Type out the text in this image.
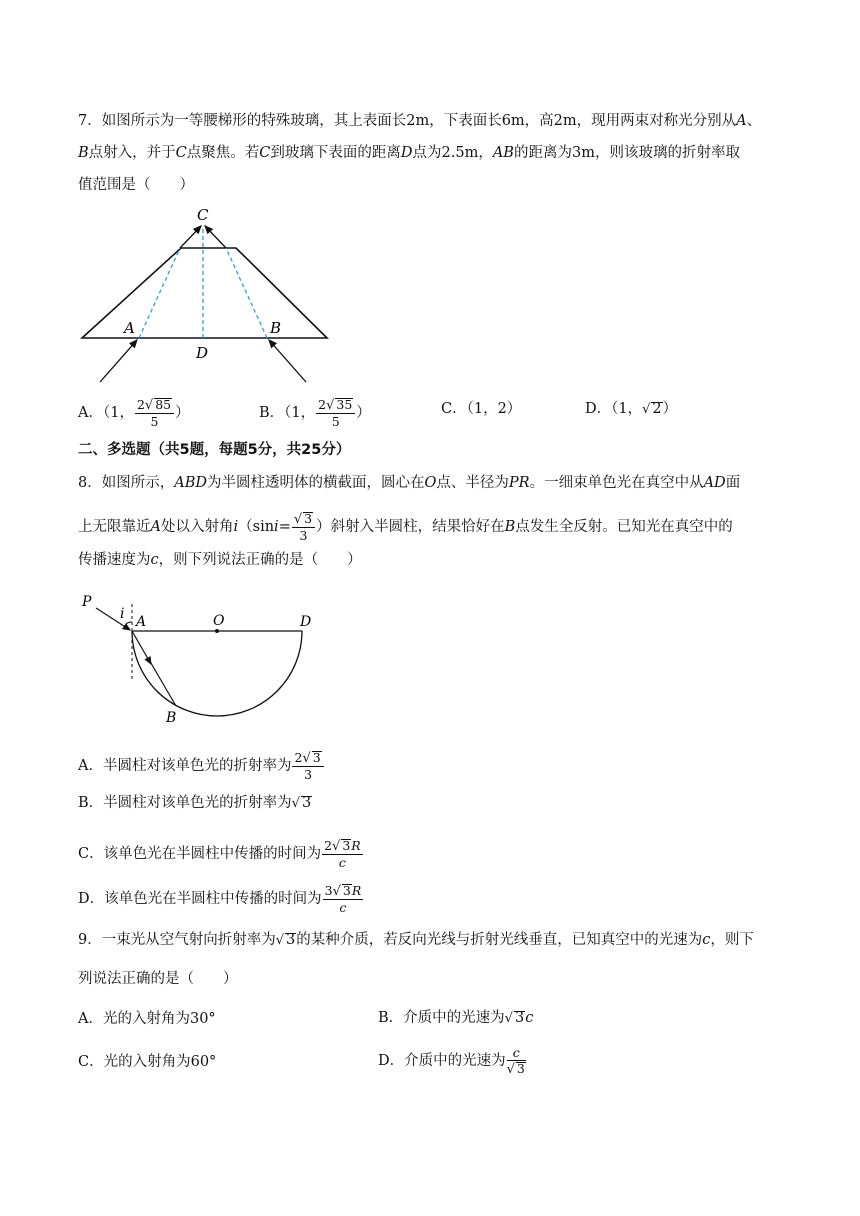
7．如图所示为一等腰梯形的特殊玻璃，其上表面长2m，下表面长6m，高2m，现用两束对称光分别从A、
B点射入，并于C点聚焦。若C到玻璃下表面的距离D点为2.5m，AB的距离为3m，则该玻璃的折射率取
值范围是（　　）
C
A	B
D
A．（1， $\frac{2√ 85}{5}$ ）	B．（1， $\frac{2√ 35}{5}$ ）	C．（1，2）	D．（1，√ 2）
二、多选题（共5题，每题5分，共25分）
8．如图所示，ABD为半圆柱透明体的横截面，圆心在O点、半径为PR。一细束单色光在真空中从AD面
上无限靠近A处以入射角$i(\sin i= \frac{√ 3}{3}$ ）斜射入半圆柱，结果恰好在B点发生全反射。已知光在真空中的
传播速度为c，则下列说法正确的是（　　）
P
i A	O	D
B
A．半圆柱对该单色光的折射率为 $\frac{2√ 3}{3}$
B．半圆柱对该单色光的折射率为√ 3
C．该单色光在半圆柱中传播的时间为 $\frac{2√ 3R}{c}$
D．该单色光在半圆柱中传播的时间为 $\frac{3√ 3R}{c}$
9．一束光从空气射向折射率为√ 3的某种介质，若反向光线与折射光线垂直，已知真空中的光速为c，则下
列说法正确的是（　　）
A．光的入射角为30°	B．介质中的光速为√ 3c
C．光的入射角为60°	D．介质中的光速为 $\frac{c}{√ 3}$
